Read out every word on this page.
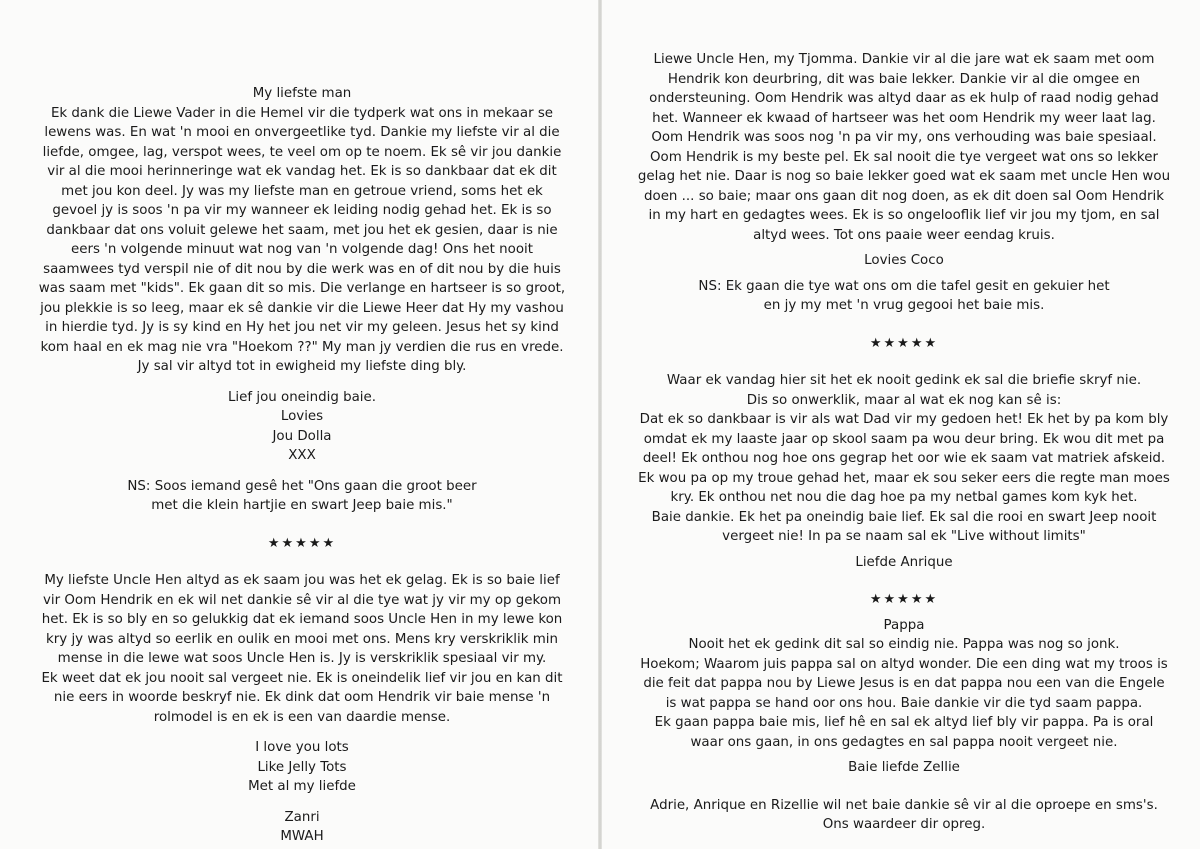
My liefste man
Ek dank die Liewe Vader in die Hemel vir die tydperk wat ons in mekaar se
lewens was. En wat 'n mooi en onvergeetlike tyd. Dankie my liefste vir al die
liefde, omgee, lag, verspot wees, te veel om op te noem. Ek sê vir jou dankie
vir al die mooi herinneringe wat ek vandag het. Ek is so dankbaar dat ek dit
met jou kon deel. Jy was my liefste man en getroue vriend, soms het ek
gevoel jy is soos 'n pa vir my wanneer ek leiding nodig gehad het. Ek is so
dankbaar dat ons voluit gelewe het saam, met jou het ek gesien, daar is nie
eers 'n volgende minuut wat nog van 'n volgende dag! Ons het nooit
saamwees tyd verspil nie of dit nou by die werk was en of dit nou by die huis
was saam met "kids". Ek gaan dit so mis. Die verlange en hartseer is so groot,
jou plekkie is so leeg, maar ek sê dankie vir die Liewe Heer dat Hy my vashou
in hierdie tyd. Jy is sy kind en Hy het jou net vir my geleen. Jesus het sy kind
kom haal en ek mag nie vra "Hoekom ??" My man jy verdien die rus en vrede.
Jy sal vir altyd tot in ewigheid my liefste ding bly.
Lief jou oneindig baie.
Lovies
Jou Dolla
XXX
NS: Soos iemand gesê het "Ons gaan die groot beer
met die klein hartjie en swart Jeep baie mis."
★★★★★
My liefste Uncle Hen altyd as ek saam jou was het ek gelag. Ek is so baie lief
vir Oom Hendrik en ek wil net dankie sê vir al die tye wat jy vir my op gekom
het. Ek is so bly en so gelukkig dat ek iemand soos Uncle Hen in my lewe kon
kry jy was altyd so eerlik en oulik en mooi met ons. Mens kry verskriklik min
mense in die lewe wat soos Uncle Hen is. Jy is verskriklik spesiaal vir my.
Ek weet dat ek jou nooit sal vergeet nie. Ek is oneindelik lief vir jou en kan dit
nie eers in woorde beskryf nie. Ek dink dat oom Hendrik vir baie mense 'n
rolmodel is en ek is een van daardie mense.
I love you lots
Like Jelly Tots
Met al my liefde
Zanri
MWAH
Liewe Uncle Hen, my Tjomma. Dankie vir al die jare wat ek saam met oom
Hendrik kon deurbring, dit was baie lekker. Dankie vir al die omgee en
ondersteuning. Oom Hendrik was altyd daar as ek hulp of raad nodig gehad
het. Wanneer ek kwaad of hartseer was het oom Hendrik my weer laat lag.
Oom Hendrik was soos nog 'n pa vir my, ons verhouding was baie spesiaal.
Oom Hendrik is my beste pel. Ek sal nooit die tye vergeet wat ons so lekker
gelag het nie. Daar is nog so baie lekker goed wat ek saam met uncle Hen wou
doen ... so baie; maar ons gaan dit nog doen, as ek dit doen sal Oom Hendrik
in my hart en gedagtes wees. Ek is so ongelooflik lief vir jou my tjom, en sal
altyd wees. Tot ons paaie weer eendag kruis.
Lovies Coco
NS: Ek gaan die tye wat ons om die tafel gesit en gekuier het
en jy my met 'n vrug gegooi het baie mis.
★★★★★
Waar ek vandag hier sit het ek nooit gedink ek sal die briefie skryf nie.
Dis so onwerklik, maar al wat ek nog kan sê is:
Dat ek so dankbaar is vir als wat Dad vir my gedoen het! Ek het by pa kom bly
omdat ek my laaste jaar op skool saam pa wou deur bring. Ek wou dit met pa
deel! Ek onthou nog hoe ons gegrap het oor wie ek saam vat matriek afskeid.
Ek wou pa op my troue gehad het, maar ek sou seker eers die regte man moes
kry. Ek onthou net nou die dag hoe pa my netbal games kom kyk het.
Baie dankie. Ek het pa oneindig baie lief. Ek sal die rooi en swart Jeep nooit
vergeet nie! In pa se naam sal ek "Live without limits"
Liefde Anrique
★★★★★
Pappa
Nooit het ek gedink dit sal so eindig nie. Pappa was nog so jonk.
Hoekom; Waarom juis pappa sal on altyd wonder. Die een ding wat my troos is
die feit dat pappa nou by Liewe Jesus is en dat pappa nou een van die Engele
is wat pappa se hand oor ons hou. Baie dankie vir die tyd saam pappa.
Ek gaan pappa baie mis, lief hê en sal ek altyd lief bly vir pappa. Pa is oral
waar ons gaan, in ons gedagtes en sal pappa nooit vergeet nie.
Baie liefde Zellie
Adrie, Anrique en Rizellie wil net baie dankie sê vir al die oproepe en sms's.
Ons waardeer dir opreg.
